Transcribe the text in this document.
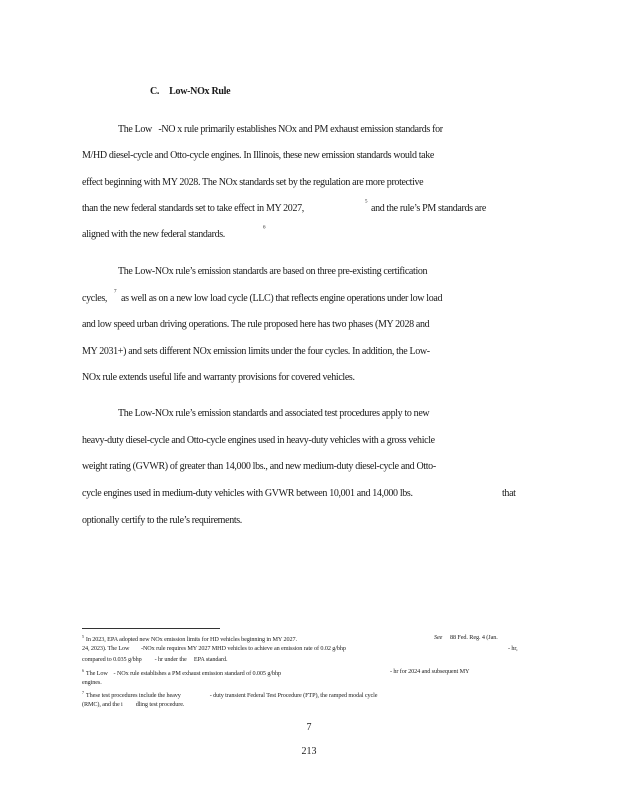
C. Low-NOx Rule
The Low   -NO x rule primarily establishes NOx and PM exhaust emission standards for
M/HD diesel-cycle and Otto-cycle engines. In Illinois, these new emission standards would take
effect beginning with MY 2028. The NOx standards set by the regulation are more protective
than the new federal standards set to take effect in MY 2027,
$^5$
and the rule’s PM standards are
aligned with the new federal standards.
$^6$
The Low-NOx rule’s emission standards are based on three pre-existing certification
cycles,
$^7$
as well as on a new low load cycle (LLC) that reflects engine operations under low load
and low speed urban driving operations. The rule proposed here has two phases (MY 2028 and
MY 2031+) and sets different NOx emission limits under the four cycles. In addition, the Low-
NOx rule extends useful life and warranty provisions for covered vehicles.
The Low-NOx rule’s emission standards and associated test procedures apply to new
heavy-duty diesel-cycle and Otto-cycle engines used in heavy-duty vehicles with a gross vehicle
weight rating (GVWR) of greater than 14,000 lbs., and new medium-duty diesel-cycle and Otto-
cycle engines used in medium-duty vehicles with GVWR between 10,001 and 14,000 lbs.	that
optionally certify to the rule’s requirements.
$^5$ In 2023, EPA adopted new NOx emission limits for HD vehicles beginning in MY 2027.	See 88 Fed. Reg. 4 (Jan.
24, 2023). The Low        -NOx rule requires MY 2027 MHD vehicles to achieve an emission rate of 0.02 g/bhp	- hr,
compared to 0.035 g/bhp         - hr under the     EPA standard.
$^6$ The Low    - NOx rule establishes a PM exhaust emission standard of 0.005 g/bhp	- hr for 2024 and subsequent MY
engines.
$^7$ These test procedures include the heavy                    - duty transient Federal Test Procedure (FTP), the ramped modal cycle
(RMC), and the i         dling test procedure.
7
213
